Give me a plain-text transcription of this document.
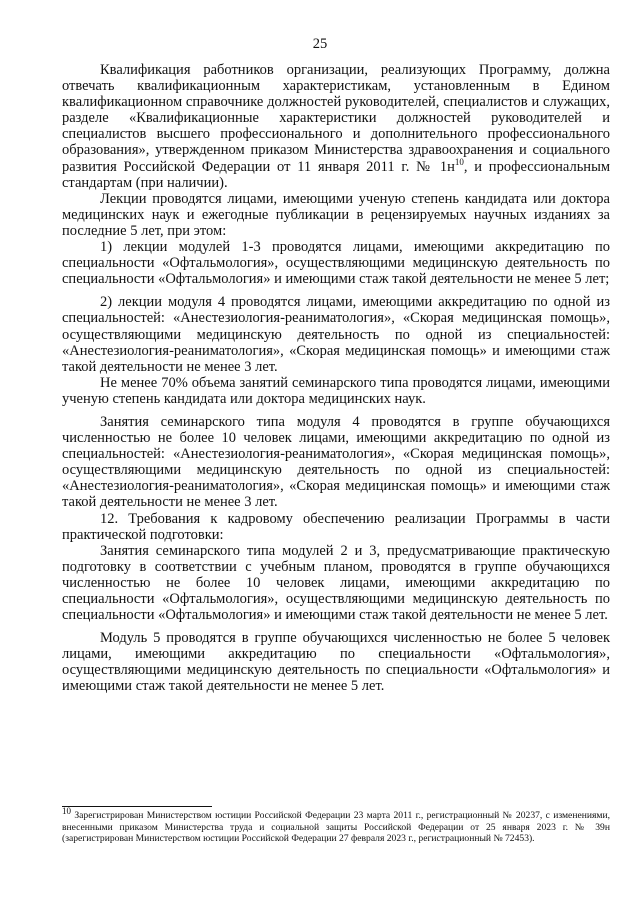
25

Квалификация работников организации, реализующих Программу, должна отвечать квалификационным характеристикам, установленным в Едином квалификационном справочнике должностей руководителей, специалистов и служащих, разделе «Квалификационные характеристики должностей руководителей и специалистов высшего профессионального и дополнительного профессионального образования», утвержденном приказом Министерства здравоохранения и социального развития Российской Федерации от 11 января 2011 г. № $1н^{10}$, и профессиональным стандартам (при наличии).

Лекции проводятся лицами, имеющими ученую степень кандидата или доктора медицинских наук и ежегодные публикации в рецензируемых научных изданиях за последние 5 лет, при этом:

1) лекции модулей 1-3 проводятся лицами, имеющими аккредитацию по специальности «Офтальмология», осуществляющими медицинскую деятельность по специальности «Офтальмология» и имеющими стаж такой деятельности не менее 5 лет;

2) лекции модуля 4 проводятся лицами, имеющими аккредитацию по одной из специальностей: «Анестезиология-реаниматология», «Скорая медицинская помощь», осуществляющими медицинскую деятельность по одной из специальностей: «Анестезиология-реаниматология», «Скорая медицинская помощь» и имеющими стаж такой деятельности не менее 3 лет.

Не менее 70% объема занятий семинарского типа проводятся лицами, имеющими ученую степень кандидата или доктора медицинских наук.

Занятия семинарского типа модуля 4 проводятся в группе обучающихся численностью не более 10 человек лицами, имеющими аккредитацию по одной из специальностей: «Анестезиология-реаниматология», «Скорая медицинская помощь», осуществляющими медицинскую деятельность по одной из специальностей: «Анестезиология-реаниматология», «Скорая медицинская помощь» и имеющими стаж такой деятельности не менее 3 лет.

12. Требования к кадровому обеспечению реализации Программы в части практической подготовки:

Занятия семинарского типа модулей 2 и 3, предусматривающие практическую подготовку в соответствии с учебным планом, проводятся в группе обучающихся численностью не более 10 человек лицами, имеющими аккредитацию по специальности «Офтальмология», осуществляющими медицинскую деятельность по специальности «Офтальмология» и имеющими стаж такой деятельности не менее 5 лет.

Модуль 5 проводятся в группе обучающихся численностью не более 5 человек лицами, имеющими аккредитацию по специальности «Офтальмология», осуществляющими медицинскую деятельность по специальности «Офтальмология» и имеющими стаж такой деятельности не менее 5 лет.

$^{10}$ Зарегистрирован Министерством юстиции Российской Федерации 23 марта 2011 г., регистрационный № 20237, с изменениями, внесенными приказом Министерства труда и социальной защиты Российской Федерации от 25 января 2023 г. № 39н (зарегистрирован Министерством юстиции Российской Федерации 27 февраля 2023 г., регистрационный № 72453).
